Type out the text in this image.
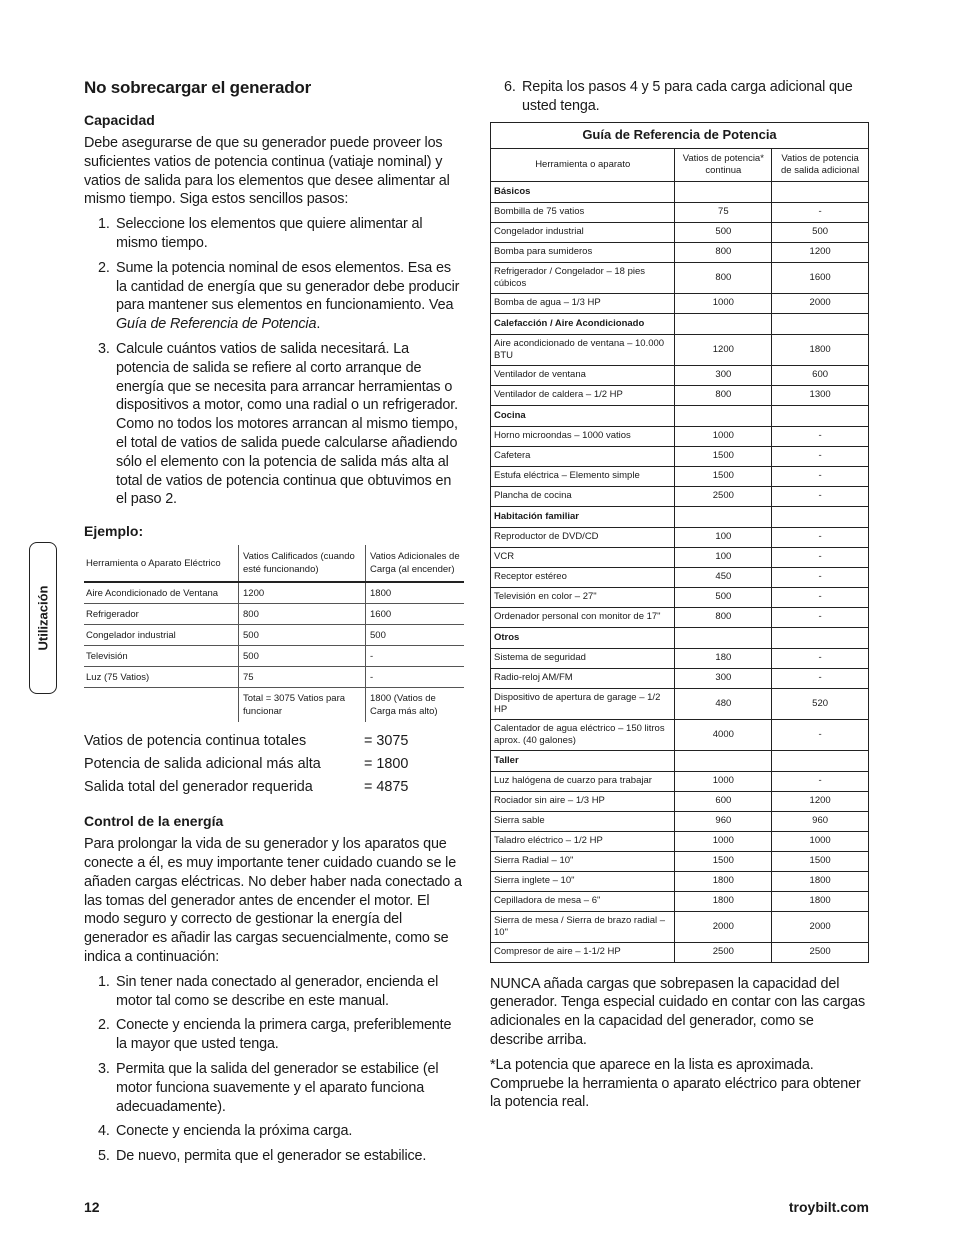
No sobrecargar el generador
Capacidad

Debe asegurarse de que su generador puede proveer los suficientes vatios de potencia continua (vatiaje nominal) y vatios de salida para los elementos que desee alimentar al mismo tiempo. Siga estos sencillos pasos:

1. Seleccione los elementos que quiere alimentar al mismo tiempo.
2. Sume la potencia nominal de esos elementos. Esa es la cantidad de energía que su generador debe producir para mantener sus elementos en funcionamiento. Vea Guía de Referencia de Potencia.
3. Calcule cuántos vatios de salida necesitará. La potencia de salida se refiere al corto arranque de energía que se necesita para arrancar herramientas o dispositivos a motor, como una radial o un refrigerador. Como no todos los motores arrancan al mismo tiempo, el total de vatios de salida puede calcularse añadiendo sólo el elemento con la potencia de salida más alta al total de vatios de potencia continua que obtuvimos en el paso 2.
Ejemplo:
Herramienta o Aparato Eléctrico	Vatios Calificados (cuando esté funcionando)	Vatios Adicionales de Carga (al encender)
Aire Acondicionado de Ventana	1200	1800
Refrigerador	800	1600
Congelador industrial	500	500
Televisión	500	-
Luz (75 Vatios)	75	-
	Total = 3075 Vatios para funcionar	1800 (Vatios de Carga más alto)
Vatios de potencia continua totales	= 3075
Potencia de salida adicional más alta	= 1800
Salida total del generador requerida	= 4875
Control de la energía

Para prolongar la vida de su generador y los aparatos que conecte a él, es muy importante tener cuidado cuando se le añaden cargas eléctricas. No deber haber nada conectado a las tomas del generador antes de encender el motor. El modo seguro y correcto de gestionar la energía del generador es añadir las cargas secuencialmente, como se indica a continuación:

1. Sin tener nada conectado al generador, encienda el motor tal como se describe en este manual.
2. Conecte y encienda la primera carga, preferiblemente la mayor que usted tenga.
3. Permita que la salida del generador se estabilice (el motor funciona suavemente y el aparato funciona adecuadamente).
4. Conecte y encienda la próxima carga.
5. De nuevo, permita que el generador se estabilice.
6. Repita los pasos 4 y 5 para cada carga adicional que usted tenga.
Guía de Referencia de Potencia		
Herramienta o aparato	Vatios de potencia* continua	Vatios de potencia de salida adicional
Básicos		
Bombilla de 75 vatios	75	-
Congelador industrial	500	500
Bomba para sumideros	800	1200
Refrigerador / Congelador – 18 pies cúbicos	800	1600
Bomba de agua – 1/3 HP	1000	2000
Calefacción / Aire Acondicionado		
Aire acondicionado de ventana – 10.000 BTU	1200	1800
Ventilador de ventana	300	600
Ventilador de caldera – 1/2 HP	800	1300
Cocina		
Horno microondas – 1000 vatios	1000	-
Cafetera	1500	-
Estufa eléctrica – Elemento simple	1500	-
Plancha de cocina	2500	-
Habitación familiar		
Reproductor de DVD/CD	100	-
VCR	100	-
Receptor estéreo	450	-
Televisión en color – 27"	500	-
Ordenador personal con monitor de 17"	800	-
Otros		
Sistema de seguridad	180	-
Radio-reloj AM/FM	300	-
Dispositivo de apertura de garage – 1/2 HP	480	520
Calentador de agua eléctrico – 150 litros aprox. (40 galones)	4000	-
Taller		
Luz halógena de cuarzo para trabajar	1000	-
Rociador sin aire – 1/3 HP	600	1200
Sierra sable	960	960
Taladro eléctrico – 1/2 HP	1000	1000
Sierra Radial – 10"	1500	1500
Sierra inglete – 10"	1800	1800
Cepilladora de mesa – 6"	1800	1800
Sierra de mesa / Sierra de brazo radial – 10"	2000	2000
Compresor de aire – 1-1/2 HP	2500	2500

NUNCA añada cargas que sobrepasen la capacidad del generador. Tenga especial cuidado en contar con las cargas adicionales en la capacidad del generador, como se describe arriba.

*La potencia que aparece en la lista es aproximada. Compruebe la herramienta o aparato eléctrico para obtener la potencia real.

Utilización
12	troybilt.com
